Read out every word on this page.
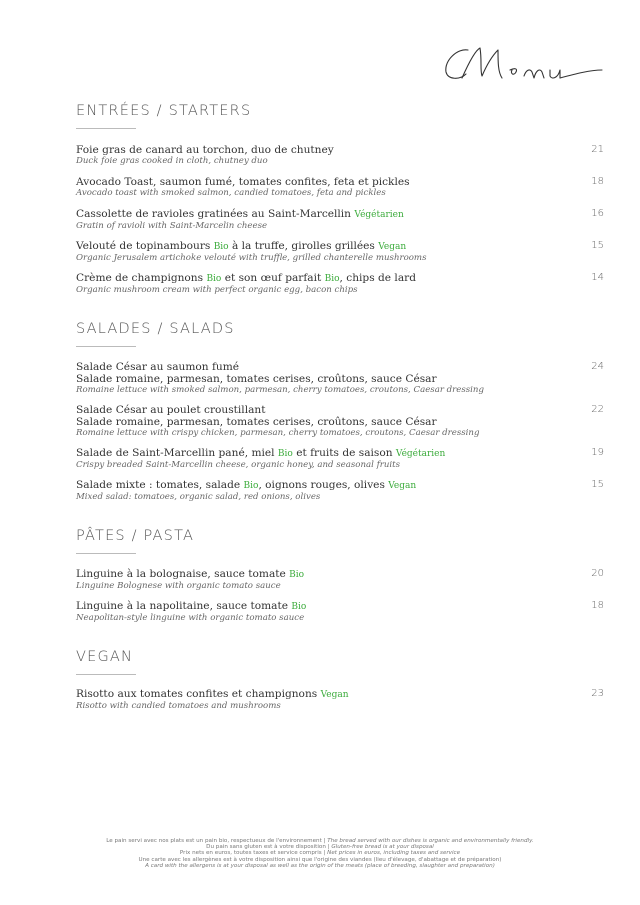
ENTRÉES / STARTERS
Foie gras de canard au torchon, duo de chutney
Duck foie gras cooked in cloth, chutney duo
21
Avocado Toast, saumon fumé, tomates confites, feta et pickles
Avocado toast with smoked salmon, candied tomatoes, feta and pickles
18
Cassolette de ravioles gratinées au Saint-Marcellin Végétarien
Gratin of ravioli with Saint-Marcelin cheese
16
Velouté de topinambours Bio à la truffe, girolles grillées Vegan
Organic Jerusalem artichoke velouté with truffle, grilled chanterelle mushrooms
15
Crème de champignons Bio et son œuf parfait Bio, chips de lard
Organic mushroom cream with perfect organic egg, bacon chips
14
SALADES / SALADS
Salade César au saumon fumé
Salade romaine, parmesan, tomates cerises, croûtons, sauce César
Romaine lettuce with smoked salmon, parmesan, cherry tomatoes, croutons, Caesar dressing
24
Salade César au poulet croustillant
Salade romaine, parmesan, tomates cerises, croûtons, sauce César
Romaine lettuce with crispy chicken, parmesan, cherry tomatoes, croutons, Caesar dressing
22
Salade de Saint-Marcellin pané, miel Bio et fruits de saison Végétarien
Crispy breaded Saint-Marcellin cheese, organic honey, and seasonal fruits
19
Salade mixte : tomates, salade Bio, oignons rouges, olives Vegan
Mixed salad: tomatoes, organic salad, red onions, olives
15
PÂTES / PASTA
Linguine à la bolognaise, sauce tomate Bio
Linguine Bolognese with organic tomato sauce
20
Linguine à la napolitaine, sauce tomate Bio
Neapolitan-style linguine with organic tomato sauce
18
VEGAN
Risotto aux tomates confites et champignons Vegan
Risotto with candied tomatoes and mushrooms
23
Le pain servi avec nos plats est un pain bio, respectueux de l'environnement | The bread served with our dishes is organic and environmentally friendly.
Du pain sans gluten est à votre disposition | Gluten-free bread is at your disposal
Prix nets en euros, toutes taxes et service compris | Net prices in euros, including taxes and service
Une carte avec les allergènes est à votre disposition ainsi que l'origine des viandes (lieu d'élevage, d'abattage et de préparation)
A card with the allergens is at your disposal as well as the origin of the meats (place of breeding, slaughter and preparation)
